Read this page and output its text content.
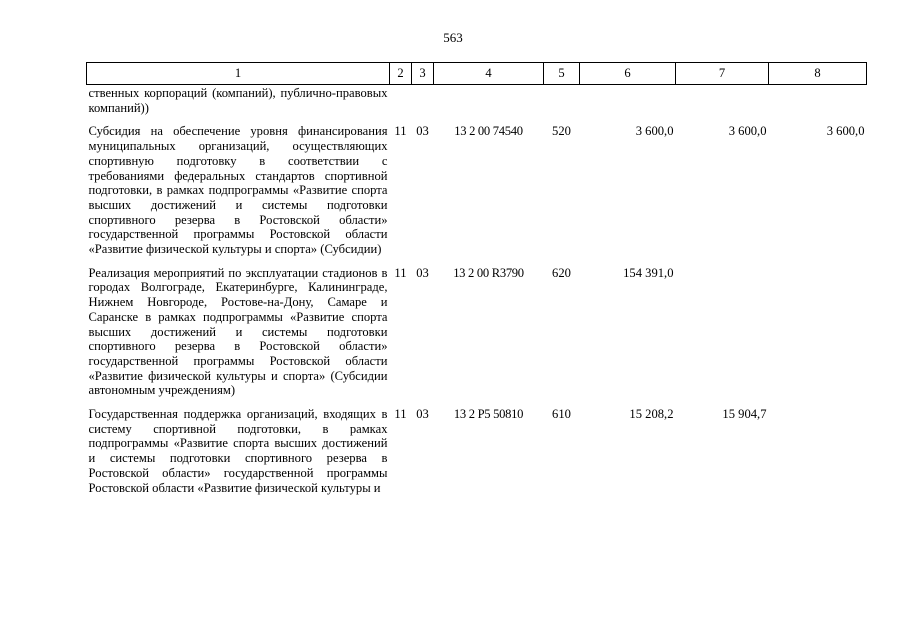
563
1	2	3	4	5	6	7	8
ственных корпораций (компаний), публично-правовых компаний))							
Субсидия на обеспечение уровня финансирования муниципальных организаций, осуществляющих спортивную подготовку в соответствии с требованиями федеральных стандартов спортивной подготовки, в рамках подпрограммы «Развитие спорта высших достижений и системы подготовки спортивного резерва в Ростовской области» государственной программы Ростовской области «Развитие физической культуры и спорта» (Субсидии)	11	03	13 2 00 74540	520	3 600,0	3 600,0	3 600,0
Реализация мероприятий по эксплуатации стадионов в городах Волгограде, Екатеринбурге, Калининграде, Нижнем Новгороде, Ростове-на-Дону, Самаре и Саранске в рамках подпрограммы «Развитие спорта высших достижений и системы подготовки спортивного резерва в Ростовской области» государственной программы Ростовской области «Развитие физической культуры и спорта» (Субсидии автономным учреждениям)	11	03	13 2 00 R3790	620	154 391,0		
Государственная поддержка организаций, входящих в систему спортивной подготовки, в рамках подпрограммы «Развитие спорта высших достижений и системы подготовки спортивного резерва в Ростовской области» государственной программы Ростовской области «Развитие физической культуры и	11	03	13 2 P5 50810	610	15 208,2	15 904,7	
